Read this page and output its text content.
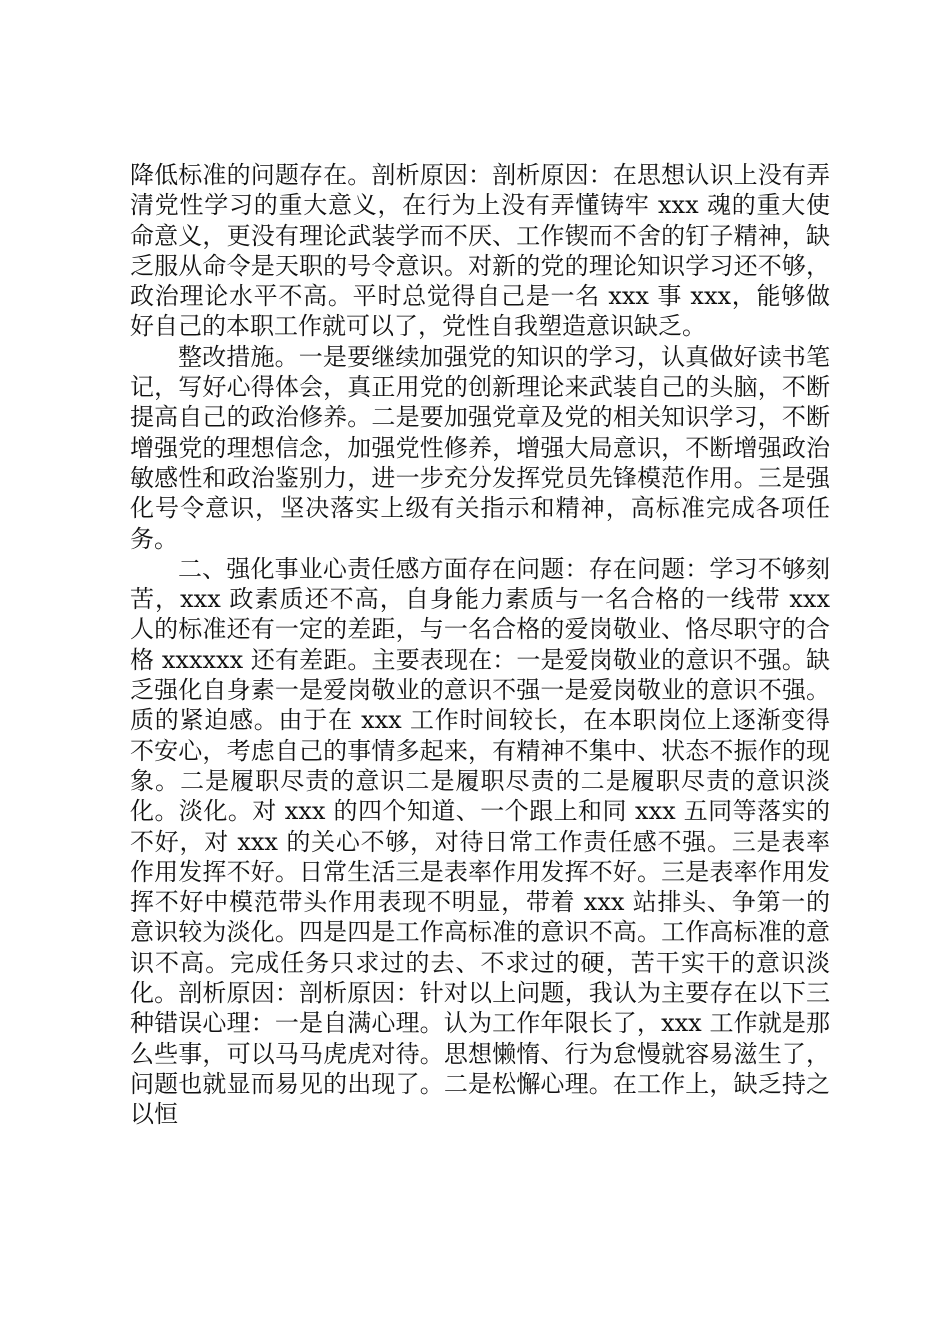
降低标准的问题存在。剖析原因：剖析原因：在思想认识上没有弄清党性学习的重大意义，在行为上没有弄懂铸牢 xxx 魂的重大使命意义，更没有理论武装学而不厌、工作锲而不舍的钉子精神，缺乏服从命令是天职的号令意识。对新的党的理论知识学习还不够，政治理论水平不高。平时总觉得自己是一名 xxx 事 xxx，能够做好自己的本职工作就可以了，党性自我塑造意识缺乏。

整改措施。一是要继续加强党的知识的学习，认真做好读书笔记，写好心得体会，真正用党的创新理论来武装自己的头脑，不断提高自己的政治修养。二是要加强党章及党的相关知识学习，不断增强党的理想信念，加强党性修养，增强大局意识，不断增强政治敏感性和政治鉴别力，进一步充分发挥党员先锋模范作用。三是强化号令意识，坚决落实上级有关指示和精神，高标准完成各项任务。

二、强化事业心责任感方面存在问题：存在问题：学习不够刻苦，xxx 政素质还不高，自身能力素质与一名合格的一线带 xxx 人的标准还有一定的差距，与一名合格的爱岗敬业、恪尽职守的合格 xxxxxx 还有差距。主要表现在：一是爱岗敬业的意识不强。缺乏强化自身素一是爱岗敬业的意识不强一是爱岗敬业的意识不强。质的紧迫感。由于在 xxx 工作时间较长，在本职岗位上逐渐变得不安心，考虑自己的事情多起来，有精神不集中、状态不振作的现象。二是履职尽责的意识二是履职尽责的二是履职尽责的意识淡化。淡化。对 xxx 的四个知道、一个跟上和同 xxx 五同等落实的不好，对 xxx 的关心不够，对待日常工作责任感不强。三是表率作用发挥不好。日常生活三是表率作用发挥不好。三是表率作用发挥不好中模范带头作用表现不明显，带着 xxx 站排头、争第一的意识较为淡化。四是四是工作高标准的意识不高。工作高标准的意识不高。完成任务只求过的去、不求过的硬，苦干实干的意识淡化。剖析原因：剖析原因：针对以上问题，我认为主要存在以下三种错误心理：一是自满心理。认为工作年限长了，xxx 工作就是那么些事，可以马马虎虎对待。思想懒惰、行为怠慢就容易滋生了，问题也就显而易见的出现了。二是松懈心理。在工作上，缺乏持之以恒
